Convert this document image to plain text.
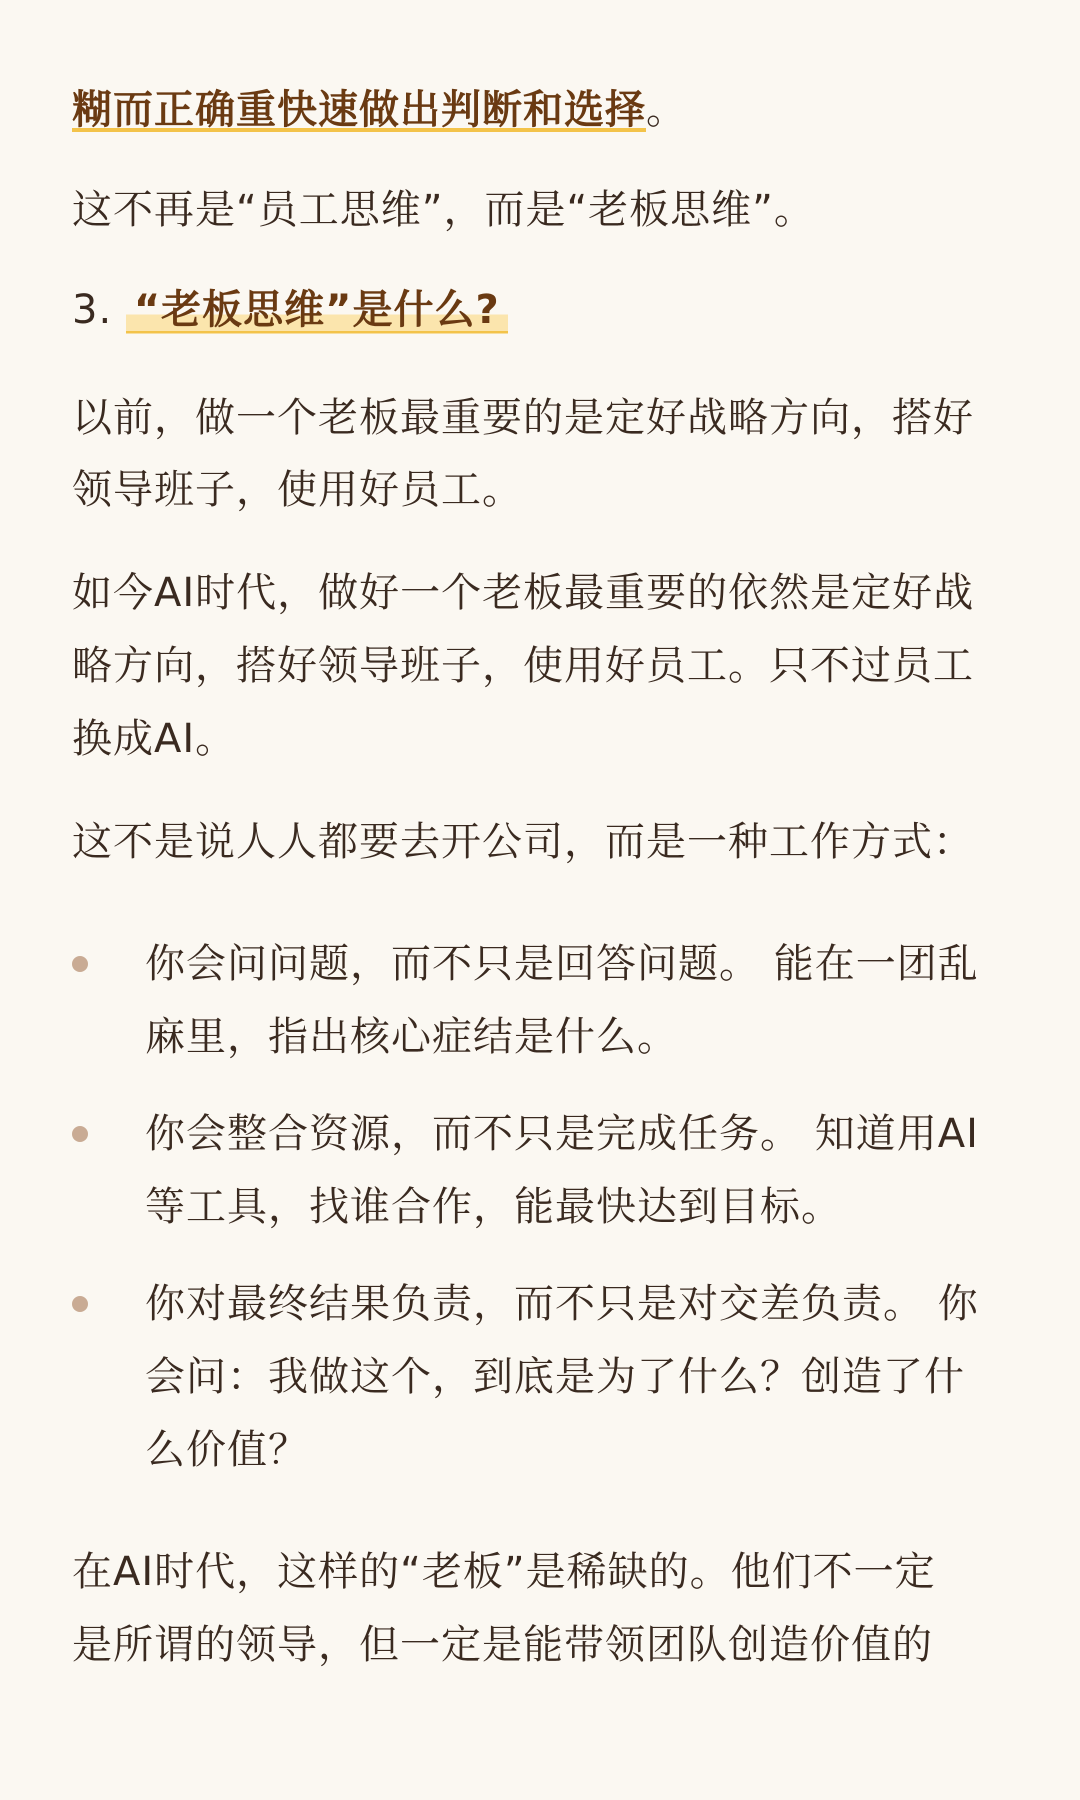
糊而正确重快速做出判断和选择。
这不再是“员工思维”，而是“老板思维”。
3. “老板思维”是什么?
以前，做一个老板最重要的是定好战略方向，搭好
领导班子，使用好员工。
如今AI时代，做好一个老板最重要的依然是定好战
略方向，搭好领导班子，使用好员工。只不过员工
换成AI。
这不是说人人都要去开公司，而是一种工作方式：
你会问问题，而不只是回答问题。 能在一团乱
麻里，指出核心症结是什么。
你会整合资源，而不只是完成任务。 知道用AI
等工具，找谁合作，能最快达到目标。
你对最终结果负责，而不只是对交差负责。 你
会问：我做这个，到底是为了什么？创造了什
么价值？
在AI时代，这样的“老板”是稀缺的。他们不一定
是所谓的领导，但一定是能带领团队创造价值的
